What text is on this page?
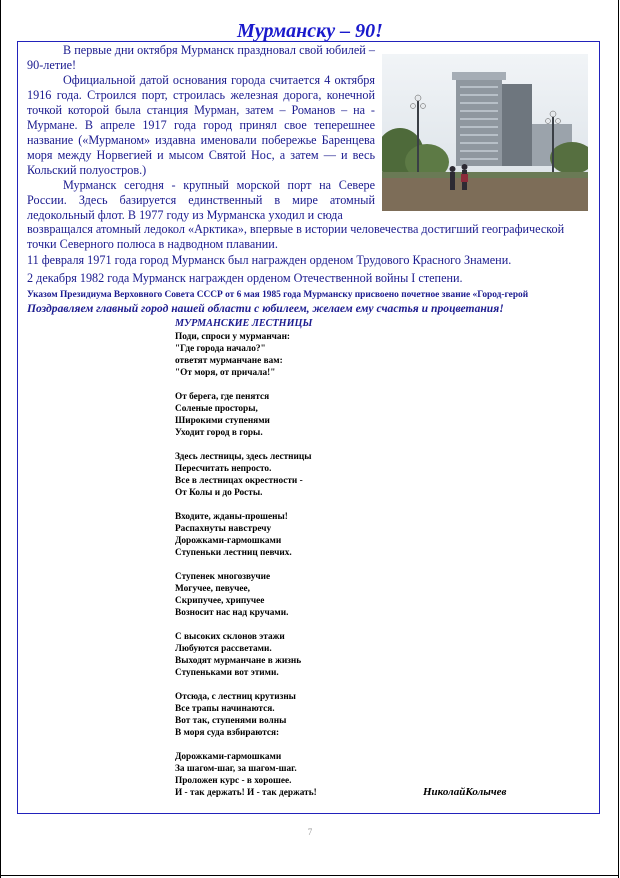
Мурманску – 90!

В первые дни октября Мурманск праздновал свой юбилей – 90-летие!

Официальной датой основания города считается 4 октября 1916 года. Строился порт, строилась железная дорога, конечной точкой которой была станция Мурман, затем – Романов – на - Мурмане. В апреле 1917 года город принял свое теперешнее название («Мурманом» издавна именовали побережье Баренцева моря между Норвегией и мысом Святой Нос, а затем — и весь Кольский полуостров.)

Мурманск сегодня - крупный морской порт на Севере России. Здесь базируется единственный в мире атомный ледокольный флот. В 1977 году из Мурманска уходил и сюда

возвращался атомный ледокол «Арктика», впервые в истории человечества достигший географической

точки Северного полюса в надводном плавании.

11 февраля 1971 года город Мурманск был награжден орденом Трудового Красного Знамени.
2 декабря 1982 года Мурманск награжден орденом Отечественной войны I степени.
Указом Президиума Верховного Совета СССР от 6 мая 1985 года Мурманску присвоено почетное звание «Город-герой
Поздравляем главный город нашей области с юбилеем, желаем ему счастья и процветания!
МУРМАНСКИЕ ЛЕСТНИЦЫ
Поди, спроси у мурманчан:
"Где города начало?"
ответят мурманчане вам:
"От моря, от причала!"
От берега, где пенятся
Соленые просторы,
Широкими ступенями
Уходит город в горы.
Здесь лестницы, здесь лестницы
Пересчитать непросто.
Все в лестницах окрестности -
От Колы и до Росты.
Входите, жданы-прошены!
Распахнуты навстречу
Дорожками-гармошками
Ступеньки лестниц певчих.
Ступенек многозвучие
Могучее, певучее,
Скрипучее, хрипучее
Возносит нас над кручами.
С высоких склонов этажи
Любуются рассветами.
Выходят мурманчане в жизнь
Ступеньками вот этими.
Отсюда, с лестниц крутизны
Все трапы начинаются.
Вот так, ступенями волны
В моря суда взбираются:
Дорожками-гармошками
За шагом-шаг, за шагом-шаг.
Проложен курс - в хорошее.
И - так держать! И - так держать!	НиколайКолычев
7
